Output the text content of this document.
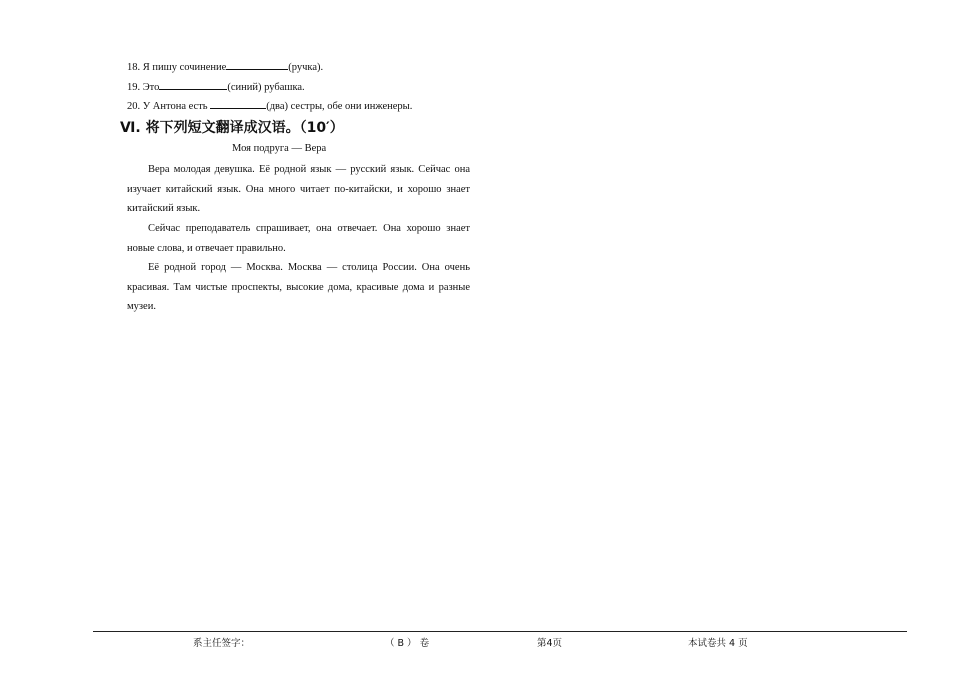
18. Я пишу сочинение	(ручка).
19. Это	(синий) рубашка.
20. У Антона есть	(два) сестры, обе они инженеры.
Ⅵ. 将下列短文翻译成汉语。（10′）
Моя подруга — Вера

Вера молодая девушка. Её родной язык — русский язык. Сейчас она изучает китайский язык. Она много читает по-китайски, и хорошо знает китайский язык.

Сейчас преподаватель спрашивает, она отвечает. Она хорошо знает новые слова, и отвечает правильно.

Её родной город — Москва. Москва — столица России. Она очень красивая. Там чистые проспекты, высокие дома, красивые дома и разные музеи.

系主任签字：	（ B ） 卷	第4页	本试卷共 4 页
